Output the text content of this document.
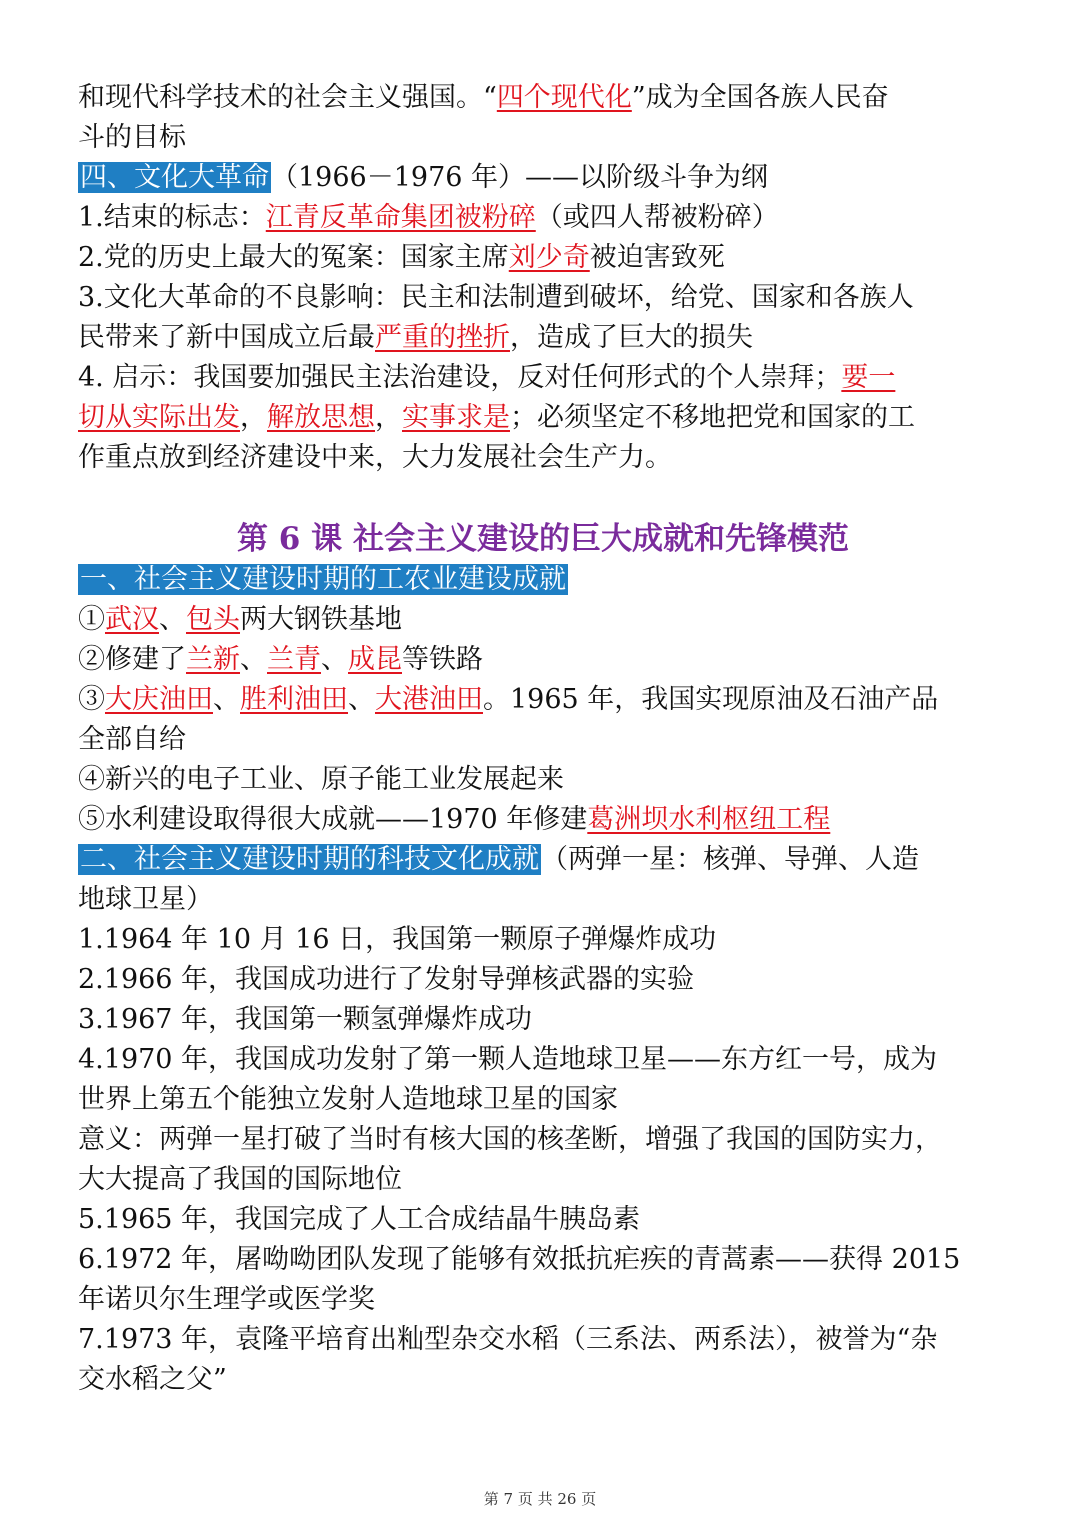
和现代科学技术的社会主义强国。“四个现代化”成为全国各族人民奋

斗的目标

四、文化大革命（1966－1976 年）——以阶级斗争为纲

1.结束的标志：江青反革命集团被粉碎（或四人帮被粉碎）

2.党的历史上最大的冤案：国家主席刘少奇被迫害致死

3.文化大革命的不良影响：民主和法制遭到破坏，给党、国家和各族人

民带来了新中国成立后最严重的挫折，造成了巨大的损失

4. 启示：我国要加强民主法治建设，反对任何形式的个人崇拜；要一

切从实际出发，解放思想，实事求是；必须坚定不移地把党和国家的工

作重点放到经济建设中来，大力发展社会生产力。

第 6 课 社会主义建设的巨大成就和先锋模范

一、社会主义建设时期的工农业建设成就

①武汉、包头两大钢铁基地

②修建了兰新、兰青、成昆等铁路

③大庆油田、胜利油田、大港油田。1965 年，我国实现原油及石油产品

全部自给

④新兴的电子工业、原子能工业发展起来

⑤水利建设取得很大成就——1970 年修建葛洲坝水利枢纽工程

二、社会主义建设时期的科技文化成就（两弹一星：核弹、导弹、人造

地球卫星）

1.1964 年 10 月 16 日，我国第一颗原子弹爆炸成功

2.1966 年，我国成功进行了发射导弹核武器的实验

3.1967 年，我国第一颗氢弹爆炸成功

4.1970 年，我国成功发射了第一颗人造地球卫星——东方红一号，成为

世界上第五个能独立发射人造地球卫星的国家

意义：两弹一星打破了当时有核大国的核垄断，增强了我国的国防实力，

大大提高了我国的国际地位

5.1965 年，我国完成了人工合成结晶牛胰岛素

6.1972 年，屠呦呦团队发现了能够有效抵抗疟疾的青蒿素——获得 2015

年诺贝尔生理学或医学奖

7.1973 年，袁隆平培育出籼型杂交水稻（三系法、两系法），被誉为“杂

交水稻之父”

第 7 页 共 26 页
